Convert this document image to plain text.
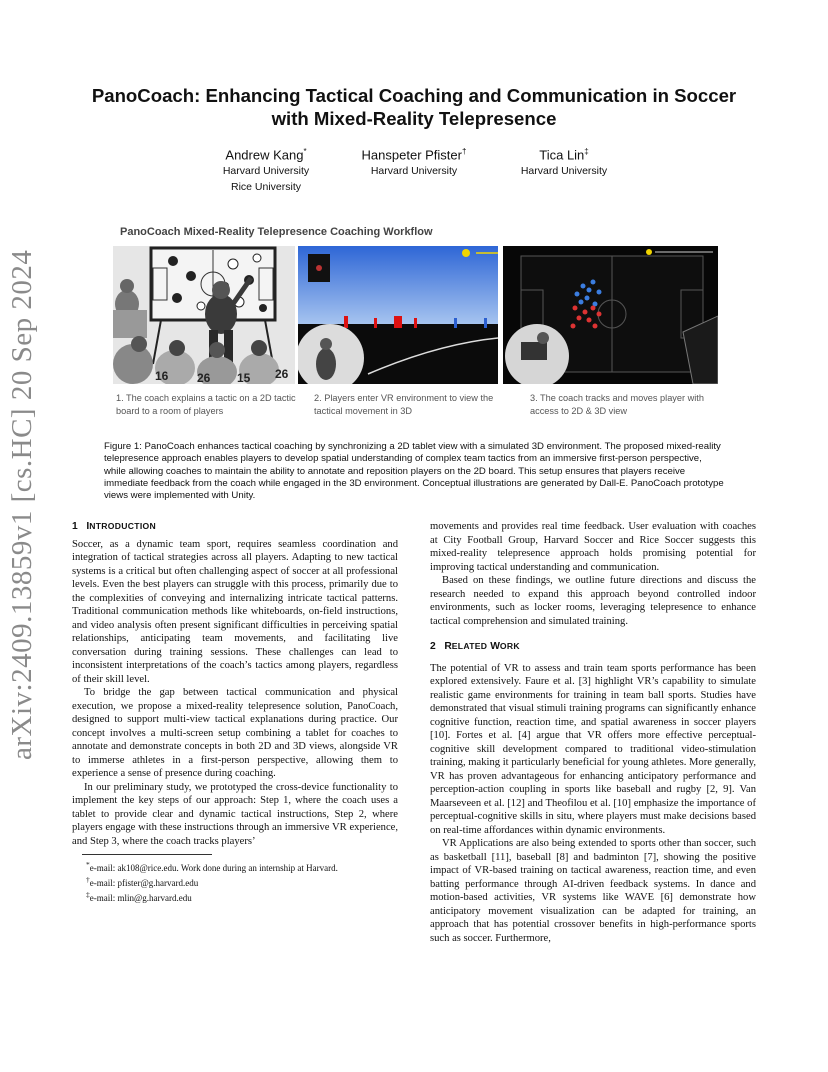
arXiv:2409.13859v1 [cs.HC] 20 Sep 2024
PanoCoach: Enhancing Tactical Coaching and Communication in Soccer
with Mixed-Reality Telepresence
Andrew Kang*
Harvard University
Rice University
Hanspeter Pfister†
Harvard University
Tica Lin‡
Harvard University
PanoCoach Mixed-Reality Telepresence Coaching Workflow
16 26 15 26
1. The coach explains a tactic on a 2D tactic board to a room of players
2. Players enter VR environment to view the tactical movement in 3D
3. The coach tracks and moves player with access to 2D & 3D view
Figure 1: PanoCoach enhances tactical coaching by synchronizing a 2D tablet view with a simulated 3D environment. The proposed mixed-reality telepresence approach enables players to develop spatial understanding of complex team tactics from an immersive first-person perspective, while allowing coaches to maintain the ability to annotate and reposition players on the 2D board. This setup ensures that players receive immediate feedback from the coach while engaged in the 3D environment. Conceptual illustrations are generated by Dall-E. PanoCoach prototype views were implemented with Unity.
1 INTRODUCTION

Soccer, as a dynamic team sport, requires seamless coordination and integration of tactical strategies across all players. Adapting to new tactical systems is a critical but often challenging aspect of soccer at all professional levels. Even the best players can struggle with this process, primarily due to the complexities of conveying and internalizing intricate tactical patterns. Traditional communication methods like whiteboards, on-field instructions, and video analysis often present significant difficulties in perceiving spatial relationships, anticipating team movements, and facilitating live conversation during training sessions. These challenges can lead to inconsistent interpretations of the coach’s tactics among players, regardless of their skill level.

To bridge the gap between tactical communication and physical execution, we propose a mixed-reality telepresence solution, PanoCoach, designed to support multi-view tactical explanations during practice. Our concept involves a multi-screen setup combining a tablet for coaches to annotate and demonstrate concepts in both 2D and 3D views, alongside VR to immerse athletes in a first-person perspective, allowing them to experience a sense of presence during coaching.

In our preliminary study, we prototyped the cross-device functionality to implement the key steps of our approach: Step 1, where the coach uses a tablet to provide clear and dynamic tactical instructions, Step 2, where players engage with these instructions through an immersive VR experience, and Step 3, where the coach tracks players’

*e-mail: ak108@rice.edu. Work done during an internship at Harvard.
†e-mail: pfister@g.harvard.edu
‡e-mail: mlin@g.harvard.edu

movements and provides real time feedback. User evaluation with coaches at City Football Group, Harvard Soccer and Rice Soccer suggests this mixed-reality telepresence approach holds promising potential for improving tactical understanding and communication.

Based on these findings, we outline future directions and discuss the research needed to expand this approach beyond controlled indoor environments, such as locker rooms, leveraging telepresence to enhance tactical comprehension and simulated training.

2 RELATED WORK

The potential of VR to assess and train team sports performance has been explored extensively. Faure et al. [3] highlight VR’s capability to simulate realistic game environments for training in team ball sports. Studies have demonstrated that visual stimuli training programs can significantly enhance cognitive function, reaction time, and spatial awareness in soccer players [10]. Fortes et al. [4] argue that VR offers more effective perceptual-cognitive skill development compared to traditional video-stimulation training, making it particularly beneficial for young athletes. More generally, VR has proven advantageous for enhancing anticipatory performance and perception-action coupling in sports like baseball and rugby [2, 9]. Van Maarseveen et al. [12] and Theofilou et al. [10] emphasize the importance of perceptual-cognitive skills in situ, where players must make decisions based on real-time affordances within dynamic environments.

VR Applications are also being extended to sports other than soccer, such as basketball [11], baseball [8] and badminton [7], showing the positive impact of VR-based training on tactical awareness, reaction time, and even batting performance through AI-driven feedback systems. In dance and motion-based activities, VR systems like WAVE [6] demonstrate how anticipatory movement visualization can be adapted for training, an approach that has potential crossover benefits in high-performance sports such as soccer. Furthermore,
